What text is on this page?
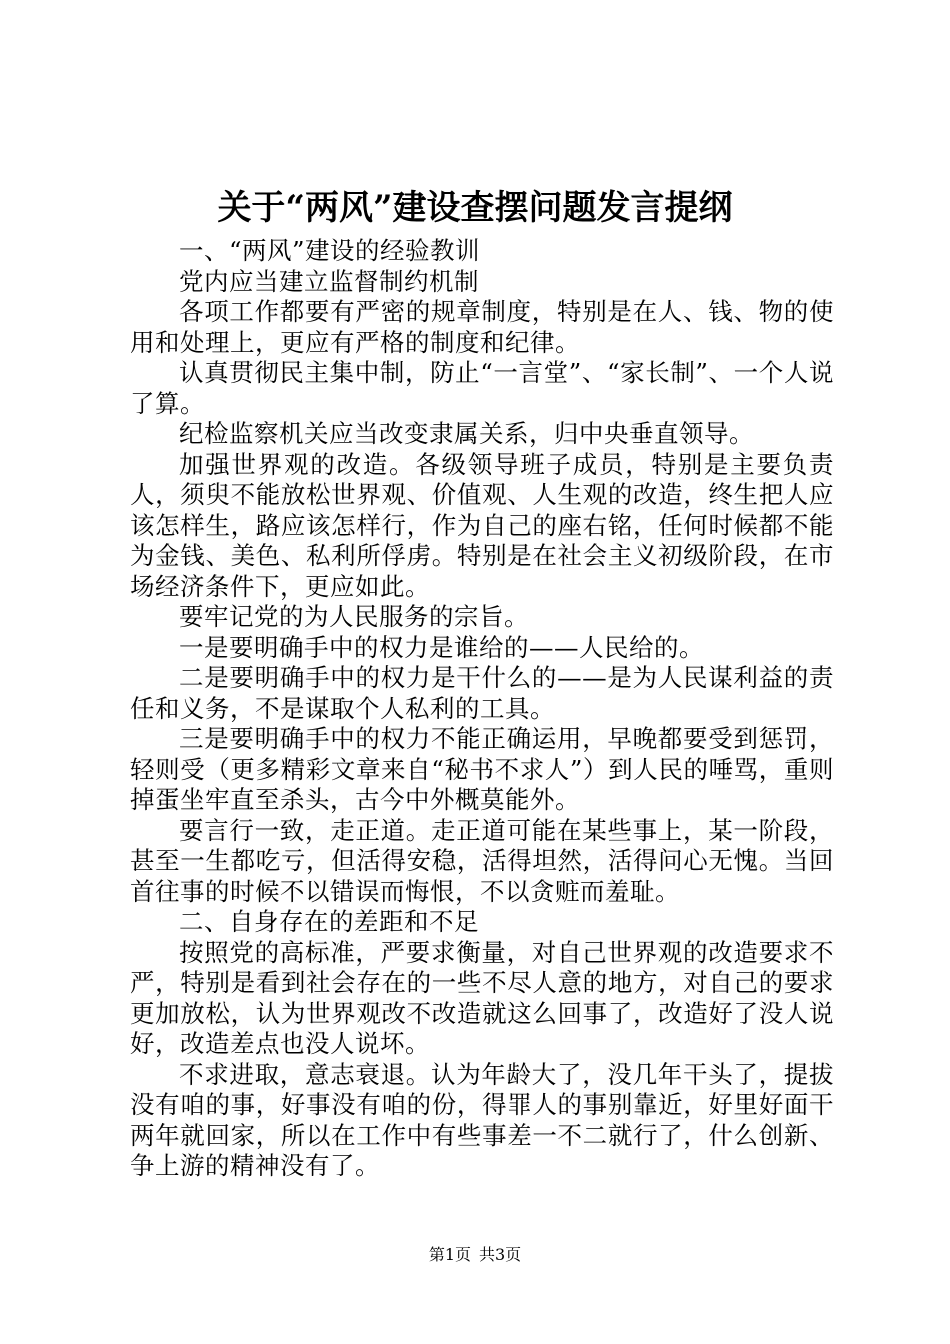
关于“两风”建设查摆问题发言提纲

一、“两风”建设的经验教训

党内应当建立监督制约机制

各项工作都要有严密的规章制度，特别是在人、钱、物的使用和处理上，更应有严格的制度和纪律。

认真贯彻民主集中制，防止“一言堂”、“家长制”、一个人说了算。

纪检监察机关应当改变隶属关系，归中央垂直领导。

加强世界观的改造。各级领导班子成员，特别是主要负责人，须臾不能放松世界观、价值观、人生观的改造，终生把人应该怎样生，路应该怎样行，作为自己的座右铭，任何时候都不能为金钱、美色、私利所俘虏。特别是在社会主义初级阶段，在市场经济条件下，更应如此。

要牢记党的为人民服务的宗旨。

一是要明确手中的权力是谁给的——人民给的。

二是要明确手中的权力是干什么的——是为人民谋利益的责任和义务，不是谋取个人私利的工具。

三是要明确手中的权力不能正确运用，早晚都要受到惩罚，轻则受（更多精彩文章来自“秘书不求人”）到人民的唾骂，重则掉蛋坐牢直至杀头，古今中外概莫能外。

要言行一致，走正道。走正道可能在某些事上，某一阶段，甚至一生都吃亏，但活得安稳，活得坦然，活得问心无愧。当回首往事的时候不以错误而悔恨，不以贪赃而羞耻。

二、自身存在的差距和不足

按照党的高标准，严要求衡量，对自己世界观的改造要求不严，特别是看到社会存在的一些不尽人意的地方，对自己的要求更加放松，认为世界观改不改造就这么回事了，改造好了没人说好，改造差点也没人说坏。

不求进取，意志衰退。认为年龄大了，没几年干头了，提拔没有咱的事，好事没有咱的份，得罪人的事别靠近，好里好面干两年就回家，所以在工作中有些事差一不二就行了，什么创新、争上游的精神没有了。

第1页 共3页
